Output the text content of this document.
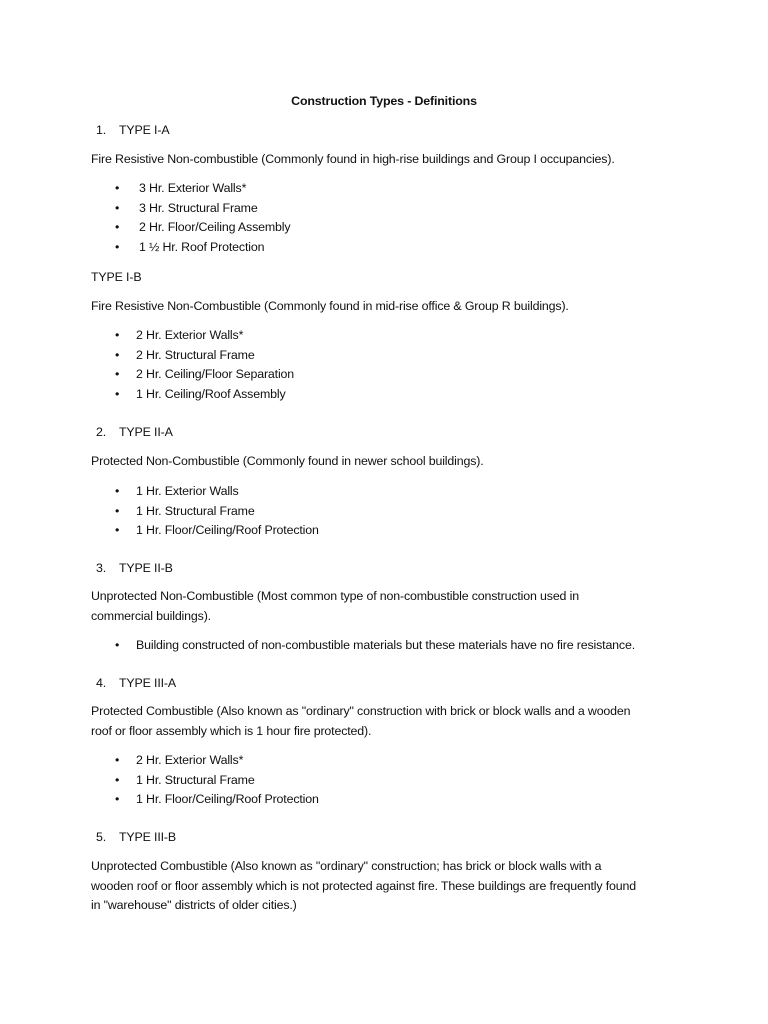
Construction Types - Definitions
1. TYPE I-A
Fire Resistive Non-combustible (Commonly found in high-rise buildings and Group I occupancies).
• 3 Hr. Exterior Walls*
• 3 Hr. Structural Frame
• 2 Hr. Floor/Ceiling Assembly
• 1 ½ Hr. Roof Protection
TYPE I-B
Fire Resistive Non-Combustible (Commonly found in mid-rise office & Group R buildings).
• 2 Hr. Exterior Walls*
• 2 Hr. Structural Frame
• 2 Hr. Ceiling/Floor Separation
• 1 Hr. Ceiling/Roof Assembly
2. TYPE II-A
Protected Non-Combustible (Commonly found in newer school buildings).
• 1 Hr. Exterior Walls
• 1 Hr. Structural Frame
• 1 Hr. Floor/Ceiling/Roof Protection
3. TYPE II-B
Unprotected Non-Combustible (Most common type of non-combustible construction used in
commercial buildings).
• Building constructed of non-combustible materials but these materials have no fire resistance.
4. TYPE III-A
Protected Combustible (Also known as "ordinary" construction with brick or block walls and a wooden
roof or floor assembly which is 1 hour fire protected).
• 2 Hr. Exterior Walls*
• 1 Hr. Structural Frame
• 1 Hr. Floor/Ceiling/Roof Protection
5. TYPE III-B
Unprotected Combustible (Also known as "ordinary" construction; has brick or block walls with a
wooden roof or floor assembly which is not protected against fire. These buildings are frequently found
in "warehouse" districts of older cities.)
